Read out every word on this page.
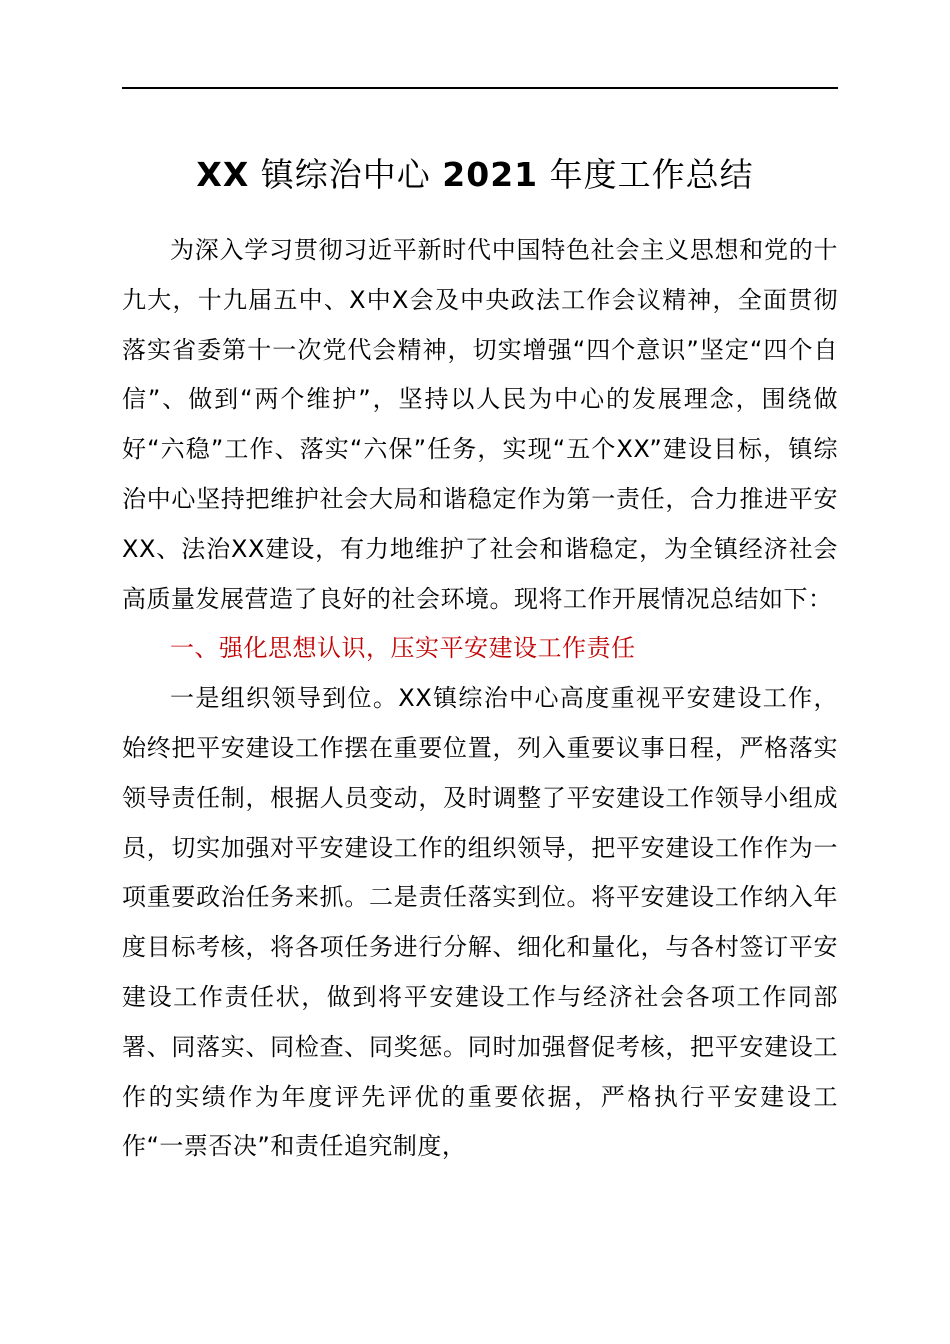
XX 镇综治中心 2021 年度工作总结

为深入学习贯彻习近平新时代中国特色社会主义思想和党的十九大，十九届五中、X中X会及中央政法工作会议精神，全面贯彻落实省委第十一次党代会精神，切实增强“四个意识”坚定“四个自信”、做到“两个维护”，坚持以人民为中心的发展理念，围绕做好“六稳”工作、落实“六保”任务，实现“五个XX”建设目标，镇综治中心坚持把维护社会大局和谐稳定作为第一责任，合力推进平安XX、法治XX建设，有力地维护了社会和谐稳定，为全镇经济社会高质量发展营造了良好的社会环境。现将工作开展情况总结如下：

一、强化思想认识，压实平安建设工作责任

一是组织领导到位。XX镇综治中心高度重视平安建设工作，始终把平安建设工作摆在重要位置，列入重要议事日程，严格落实领导责任制，根据人员变动，及时调整了平安建设工作领导小组成员，切实加强对平安建设工作的组织领导，把平安建设工作作为一项重要政治任务来抓。二是责任落实到位。将平安建设工作纳入年度目标考核，将各项任务进行分解、细化和量化，与各村签订平安建设工作责任状，做到将平安建设工作与经济社会各项工作同部署、同落实、同检查、同奖惩。同时加强督促考核，把平安建设工作的实绩作为年度评先评优的重要依据，严格执行平安建设工作“一票否决”和责任追究制度，
